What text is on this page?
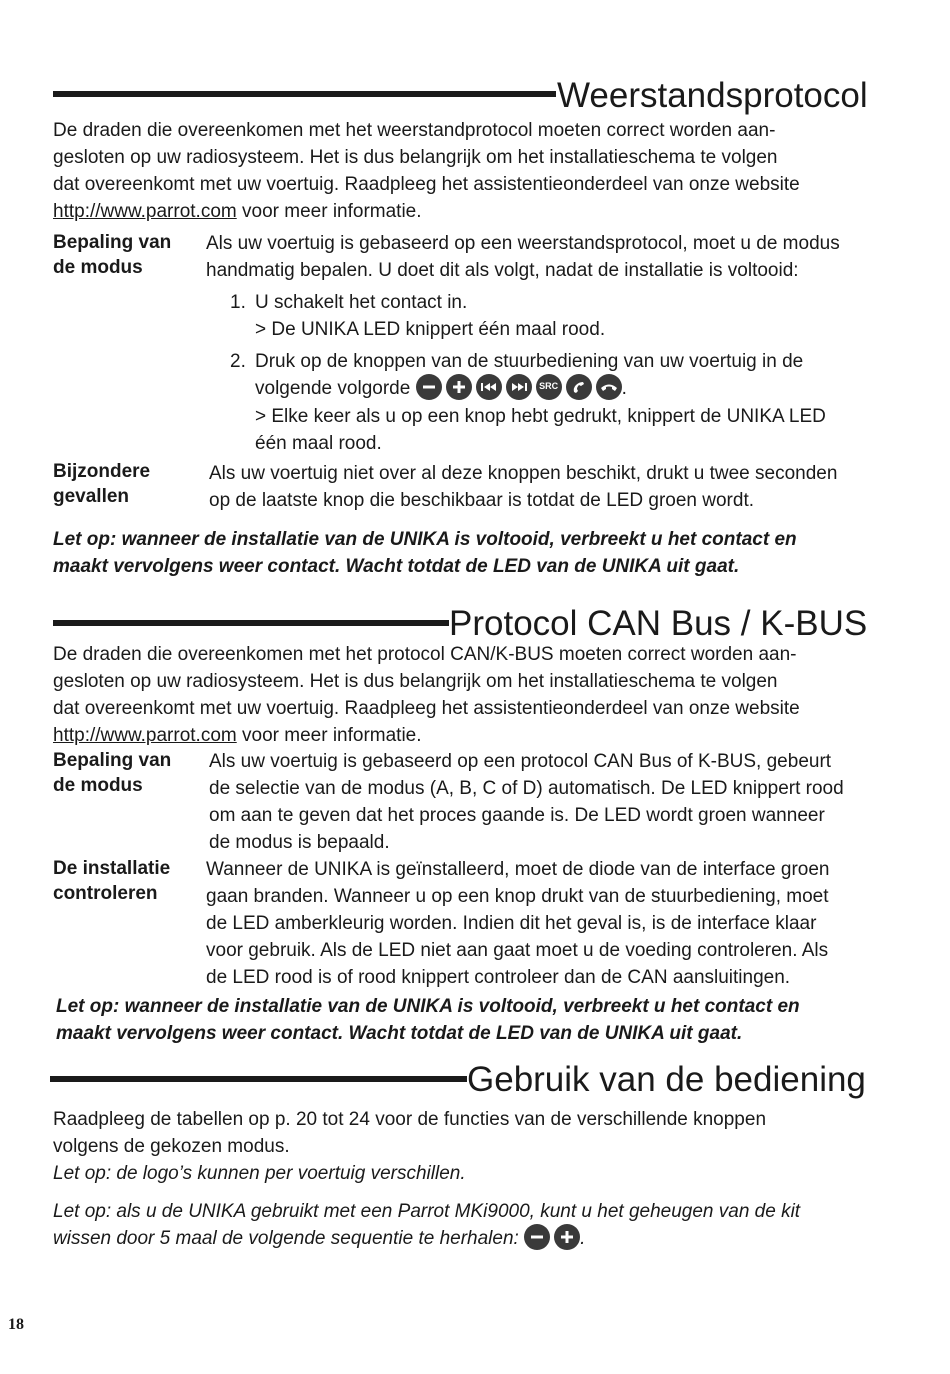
Weerstandsprotocol
De draden die overeenkomen met het weerstandprotocol moeten correct worden aan-
gesloten op uw radiosysteem. Het is dus belangrijk om het installatieschema te volgen
dat overeenkomt met uw voertuig. Raadpleeg het assistentieonderdeel van onze website
http://www.parrot.com voor meer informatie.
Bepaling van
de modus
Als uw voertuig is gebaseerd op een weerstandsprotocol, moet u de modus
handmatig bepalen. U doet dit als volgt, nadat de installatie is voltooid:
1. U schakelt het contact in.
> De UNIKA LED knippert één maal rood.
2. Druk op de knoppen van de stuurbediening van uw voertuig in de
volgende volgorde	SRC	.
> Elke keer als u op een knop hebt gedrukt, knippert de UNIKA LED
één maal rood.
Bijzondere
gevallen
Als uw voertuig niet over al deze knoppen beschikt, drukt u twee seconden
op de laatste knop die beschikbaar is totdat de LED groen wordt.
Let op: wanneer de installatie van de UNIKA is voltooid, verbreekt u het contact en
maakt vervolgens weer contact. Wacht totdat de LED van de UNIKA uit gaat.
Protocol CAN Bus / K-BUS
De draden die overeenkomen met het protocol CAN/K-BUS moeten correct worden aan-
gesloten op uw radiosysteem. Het is dus belangrijk om het installatieschema te volgen
dat overeenkomt met uw voertuig. Raadpleeg het assistentieonderdeel van onze website
http://www.parrot.com voor meer informatie.
Bepaling van
de modus
Als uw voertuig is gebaseerd op een protocol CAN Bus of K-BUS, gebeurt
de selectie van de modus (A, B, C of D) automatisch. De LED knippert rood
om aan te geven dat het proces gaande is. De LED wordt groen wanneer
de modus is bepaald.
De installatie
controleren
Wanneer de UNIKA is geïnstalleerd, moet de diode van de interface groen
gaan branden. Wanneer u op een knop drukt van de stuurbediening, moet
de LED amberkleurig worden. Indien dit het geval is, is de interface klaar
voor gebruik. Als de LED niet aan gaat moet u de voeding controleren. Als
de LED rood is of rood knippert controleer dan de CAN aansluitingen.
Let op: wanneer de installatie van de UNIKA is voltooid, verbreekt u het contact en
maakt vervolgens weer contact. Wacht totdat de LED van de UNIKA uit gaat.
Gebruik van de bediening
Raadpleeg de tabellen op p. 20 tot 24 voor de functies van de verschillende knoppen
volgens de gekozen modus.
Let op: de logo’s kunnen per voertuig verschillen.
Let op: als u de UNIKA gebruikt met een Parrot MKi9000, kunt u het geheugen van de kit
wissen door 5 maal de volgende sequentie te herhalen:	.
18
